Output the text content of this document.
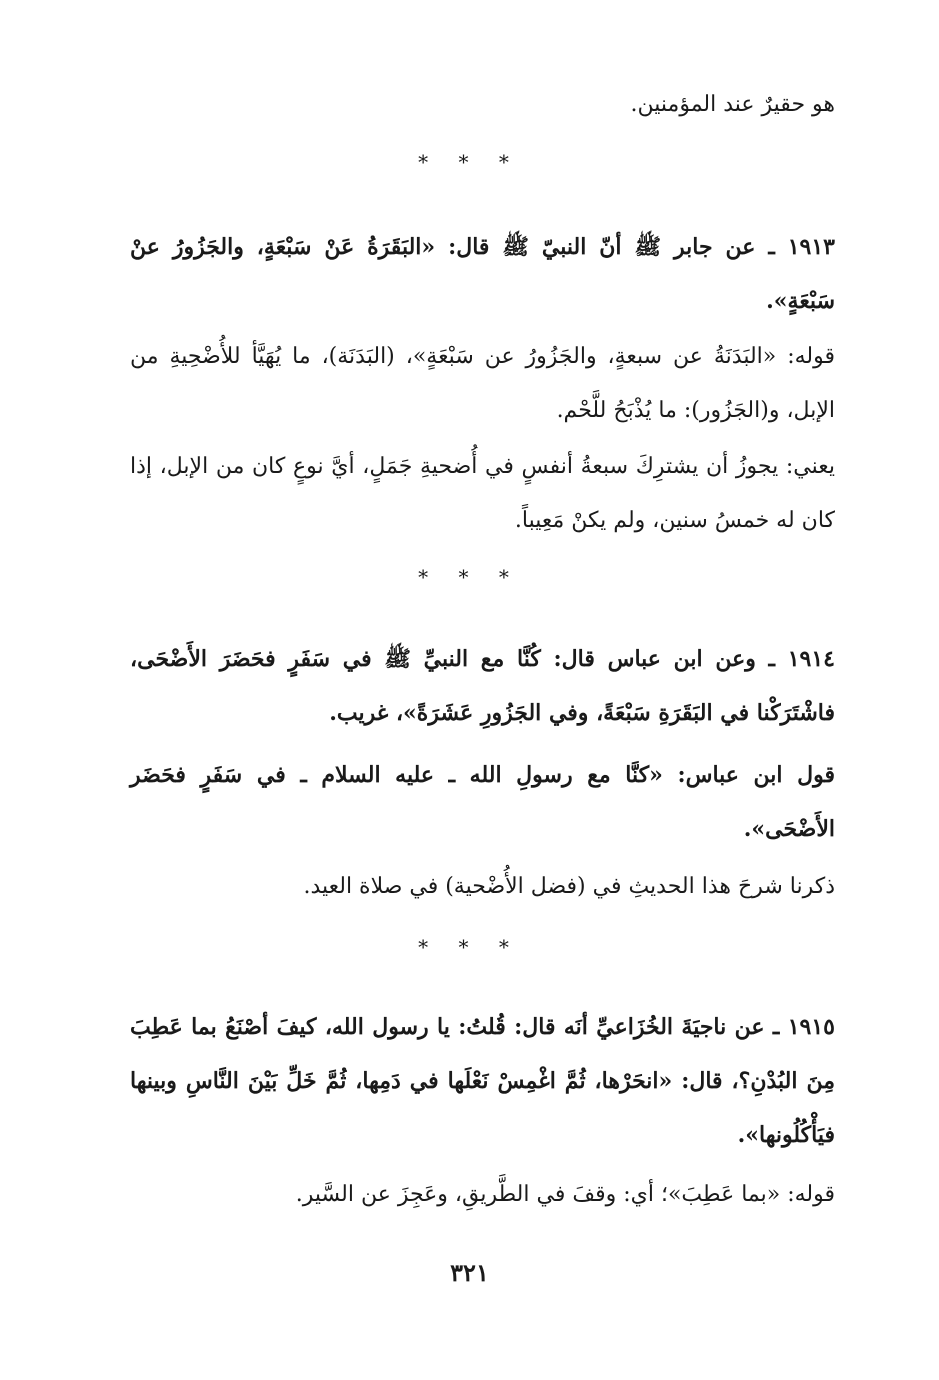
هو حقيرٌ عند المؤمنين.
* * *
١٩١٣ ـ عن جابر ﷺ أنّ النبيّ ﷺ قال: «البَقَرَةُ عَنْ سَبْعَةٍ، والجَزُورُ عنْ سَبْعَةٍ».
قوله: «البَدَنَةُ عن سبعةٍ، والجَزُورُ عن سَبْعَةٍ»، (البَدَنَة)، ما يُهَيَّأ للأُضْحِيةِ من الإبل، و(الجَزُور): ما يُذْبَحُ للَّحْم.
يعني: يجوزُ أن يشترِكَ سبعةُ أنفسٍ في أُضحيةِ جَمَلٍ، أيَّ نوعٍ كان من الإبل، إذا كان له خمسُ سنين، ولم يكنْ مَعِيباً.
* * *
١٩١٤ ـ وعن ابن عباس قال: كُنَّا مع النبيِّ ﷺ في سَفَرٍ فحَضَرَ الأَضْحَى، فاشْتَرَكْنا في البَقَرَةِ سَبْعَةً، وفي الجَزُورِ عَشَرَةً»، غريب.
قول ابن عباس: «كنَّا مع رسولِ الله ـ عليه السلام ـ في سَفَرٍ فحَضَر الأَضْحَى».
ذكرنا شرحَ هذا الحديثِ في (فضل الأُضْحية) في صلاة العيد.
* * *
١٩١٥ ـ عن ناجيَةَ الخُزَاعيِّ أنَه قال: قُلتُ: يا رسول الله، كيفَ أصْنَعُ بما عَطِبَ مِنَ البُدْنِ؟، قال: «انحَرْها، ثُمَّ اغْمِسْ نَعْلَها في دَمِها، ثُمَّ خَلِّ بَيْنَ النَّاسِ وبينها فيَأْكُلُونها».
قوله: «بما عَطِبَ»؛ أي: وقفَ في الطَّريقِ، وعَجِزَ عن السَّير.
٣٢١
